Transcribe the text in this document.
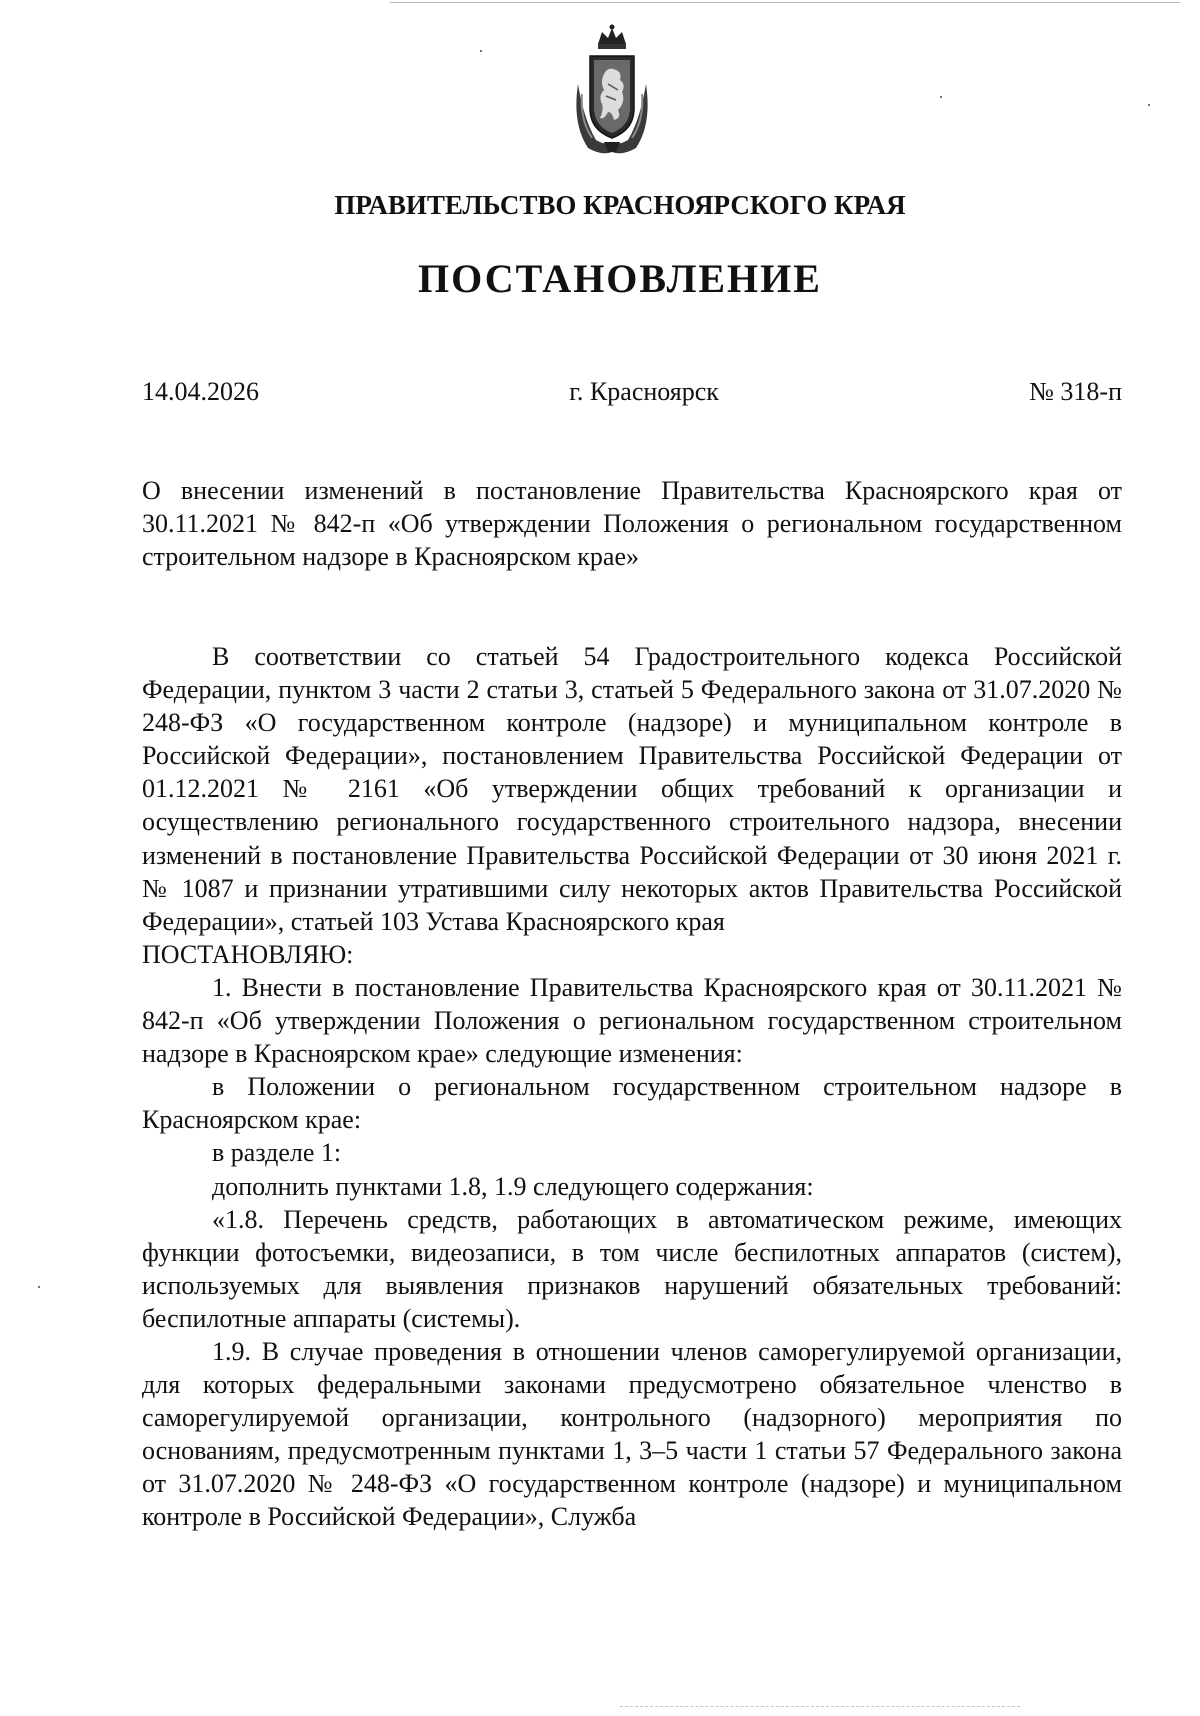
ПРАВИТЕЛЬСТВО КРАСНОЯРСКОГО КРАЯ
ПОСТАНОВЛЕНИЕ
14.04.2026	г. Красноярск	№ 318-п
О внесении изменений в постановление Правительства Красноярского края от 30.11.2021 № 842-п «Об утверждении Положения о региональном государственном строительном надзоре в Красноярском крае»

В соответствии со статьей 54 Градостроительного кодекса Российской Федерации, пунктом 3 части 2 статьи 3, статьей 5 Федерального закона от 31.07.2020 № 248-ФЗ «О государственном контроле (надзоре) и муниципальном контроле в Российской Федерации», постановлением Правительства Российской Федерации от 01.12.2021 № 2161 «Об утверждении общих требований к организации и осуществлению регионального государственного строительного надзора, внесении изменений в постановление Правительства Российской Федерации от 30 июня 2021 г. № 1087 и признании утратившими силу некоторых актов Правительства Российской Федерации», статьей 103 Устава Красноярского края

ПОСТАНОВЛЯЮ:

1. Внести в постановление Правительства Красноярского края от 30.11.2021 № 842-п «Об утверждении Положения о региональном государственном строительном надзоре в Красноярском крае» следующие изменения:

в Положении о региональном государственном строительном надзоре в Красноярском крае:

в разделе 1:

дополнить пунктами 1.8, 1.9 следующего содержания:

«1.8. Перечень средств, работающих в автоматическом режиме, имеющих функции фотосъемки, видеозаписи, в том числе беспилотных аппаратов (систем), используемых для выявления признаков нарушений обязательных требований: беспилотные аппараты (системы).

1.9. В случае проведения в отношении членов саморегулируемой организации, для которых федеральными законами предусмотрено обязательное членство в саморегулируемой организации, контрольного (надзорного) мероприятия по основаниям, предусмотренным пунктами 1, 3–5 части 1 статьи 57 Федерального закона от 31.07.2020 № 248-ФЗ «О государственном контроле (надзоре) и муниципальном контроле в Российской Федерации», Служба
